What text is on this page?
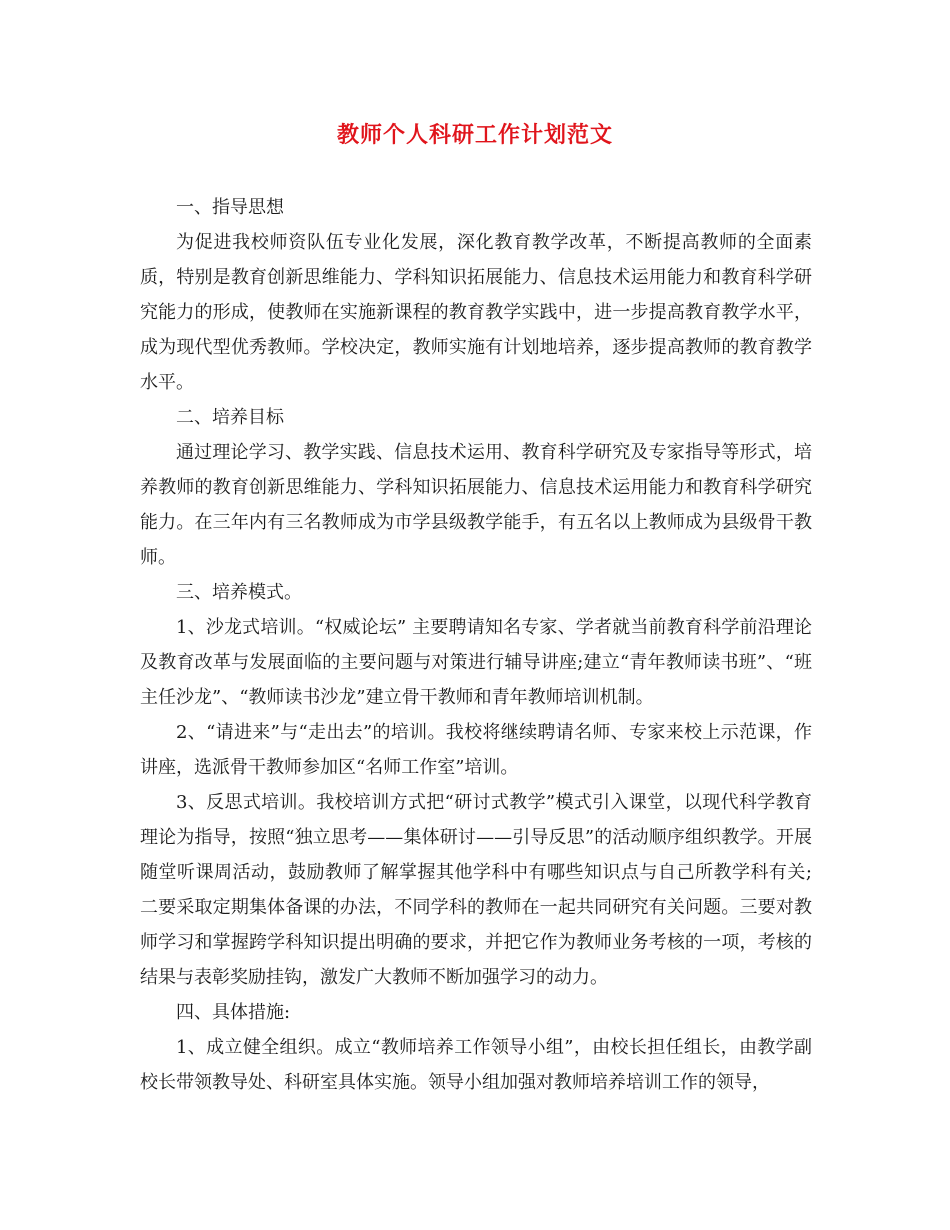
教师个人科研工作计划范文

一、指导思想

为促进我校师资队伍专业化发展，深化教育教学改革，不断提高教师的全面素质，特别是教育创新思维能力、学科知识拓展能力、信息技术运用能力和教育科学研究能力的形成，使教师在实施新课程的教育教学实践中，进一步提高教育教学水平，成为现代型优秀教师。学校决定，教师实施有计划地培养，逐步提高教师的教育教学水平。

二、培养目标

通过理论学习、教学实践、信息技术运用、教育科学研究及专家指导等形式，培养教师的教育创新思维能力、学科知识拓展能力、信息技术运用能力和教育科学研究能力。在三年内有三名教师成为市学县级教学能手，有五名以上教师成为县级骨干教师。

三、培养模式。

1、沙龙式培训。“权威论坛” 主要聘请知名专家、学者就当前教育科学前沿理论及教育改革与发展面临的主要问题与对策进行辅导讲座;建立“青年教师读书班”、“班主任沙龙”、“教师读书沙龙”建立骨干教师和青年教师培训机制。

2、“请进来”与“走出去”的培训。我校将继续聘请名师、专家来校上示范课，作讲座，选派骨干教师参加区“名师工作室”培训。

3、反思式培训。我校培训方式把“研讨式教学”模式引入课堂，以现代科学教育理论为指导，按照“独立思考——集体研讨——引导反思”的活动顺序组织教学。开展随堂听课周活动，鼓励教师了解掌握其他学科中有哪些知识点与自己所教学科有关;二要采取定期集体备课的办法，不同学科的教师在一起共同研究有关问题。三要对教师学习和掌握跨学科知识提出明确的要求，并把它作为教师业务考核的一项，考核的结果与表彰奖励挂钩，激发广大教师不断加强学习的动力。

四、具体措施:

1、成立健全组织。成立“教师培养工作领导小组”，由校长担任组长，由教学副校长带领教导处、科研室具体实施。领导小组加强对教师培养培训工作的领导，
